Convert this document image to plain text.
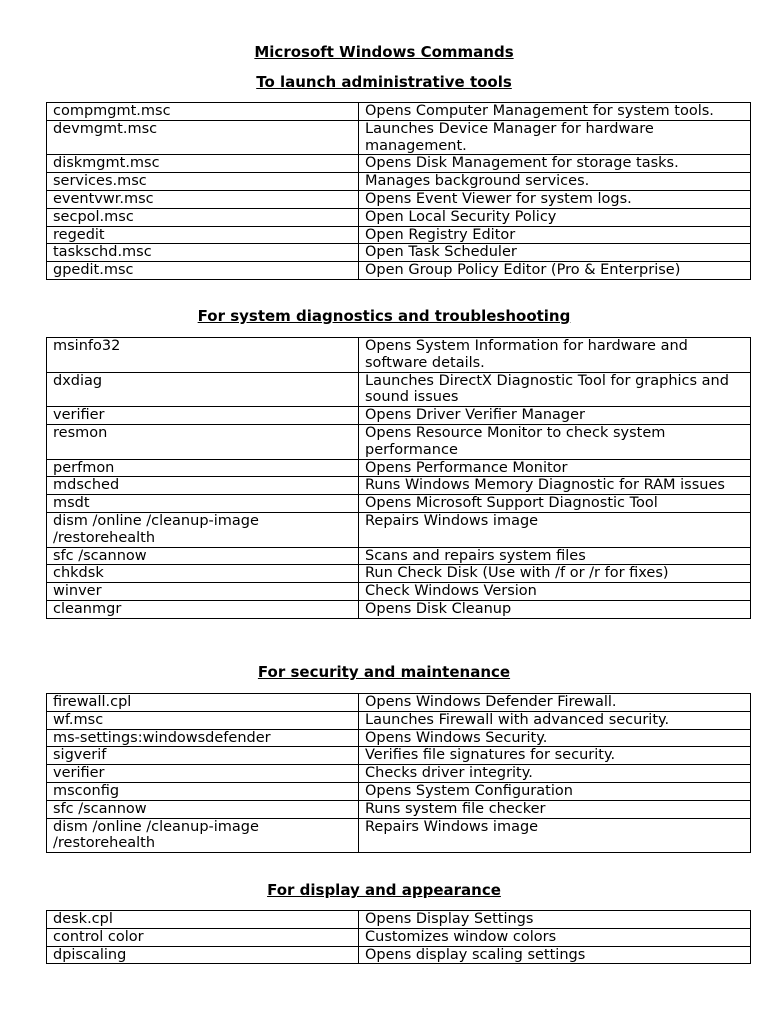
Microsoft Windows Commands
To launch administrative tools
compmgmt.msc	Opens Computer Management for system tools.
devmgmt.msc	Launches Device Manager for hardware management.
diskmgmt.msc	Opens Disk Management for storage tasks.
services.msc	Manages background services.
eventvwr.msc	Opens Event Viewer for system logs.
secpol.msc	Open Local Security Policy
regedit	Open Registry Editor
taskschd.msc	Open Task Scheduler
gpedit.msc	Open Group Policy Editor (Pro & Enterprise)
For system diagnostics and troubleshooting
msinfo32	Opens System Information for hardware and software details.
dxdiag	Launches DirectX Diagnostic Tool for graphics and sound issues
verifier	Opens Driver Verifier Manager
resmon	Opens Resource Monitor to check system performance
perfmon	Opens Performance Monitor
mdsched	Runs Windows Memory Diagnostic for RAM issues
msdt	Opens Microsoft Support Diagnostic Tool
dism /online /cleanup-image /restorehealth	Repairs Windows image
sfc /scannow	Scans and repairs system files
chkdsk	Run Check Disk (Use with /f or /r for fixes)
winver	Check Windows Version
cleanmgr	Opens Disk Cleanup
For security and maintenance
firewall.cpl	Opens Windows Defender Firewall.
wf.msc	Launches Firewall with advanced security.
ms-settings:windowsdefender	Opens Windows Security.
sigverif	Verifies file signatures for security.
verifier	Checks driver integrity.
msconfig	Opens System Configuration
sfc /scannow	Runs system file checker
dism /online /cleanup-image /restorehealth	Repairs Windows image
For display and appearance
desk.cpl	Opens Display Settings
control color	Customizes window colors
dpiscaling	Opens display scaling settings
